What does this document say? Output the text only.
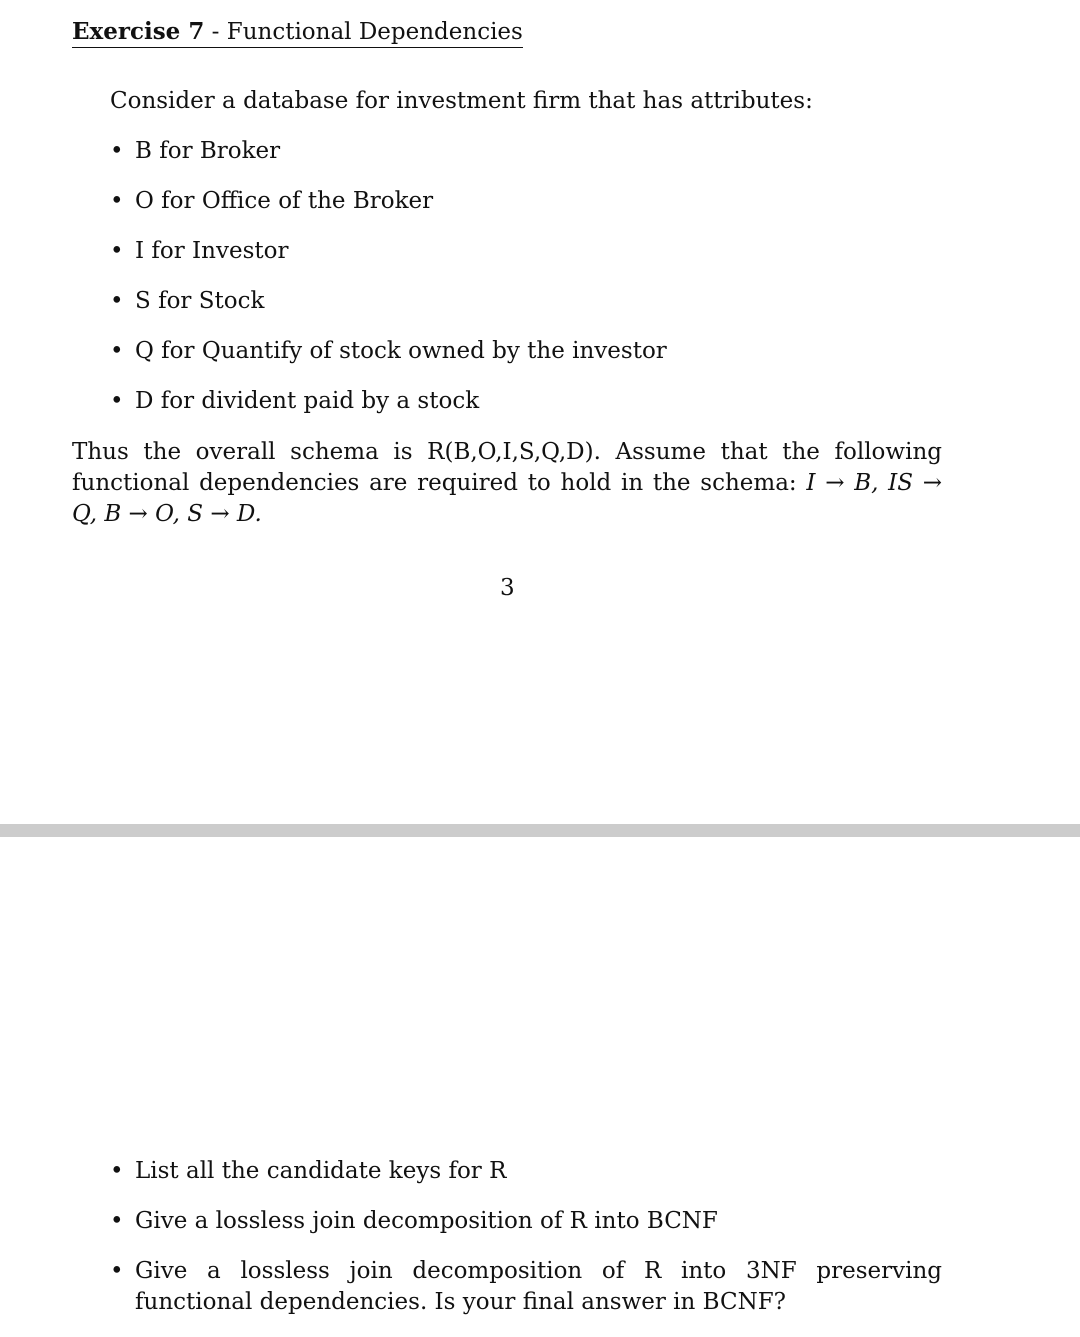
Exercise 7 - Functional Dependencies
Consider a database for investment firm that has attributes:
• B for Broker
• O for Office of the Broker
• I for Investor
• S for Stock
• Q for Quantify of stock owned by the investor
• D for divident paid by a stock

Thus the overall schema is R(B,O,I,S,Q,D). Assume that the following functional dependencies are required to hold in the schema: I → B, IS → Q, B → O, S → D.

3
• List all the candidate keys for R
• Give a lossless join decomposition of R into BCNF
• Give a lossless join decomposition of R into 3NF preserving functional dependencies. Is your final answer in BCNF?
